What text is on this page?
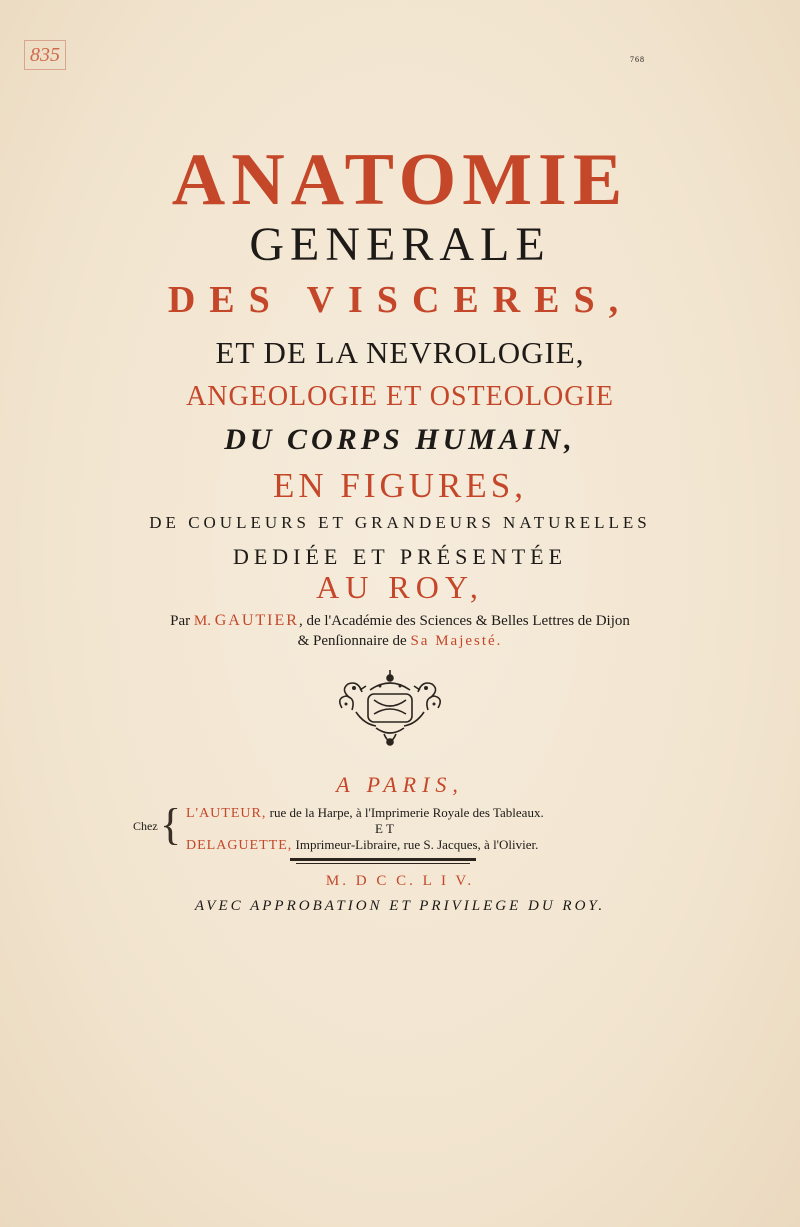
835	768
ANATOMIE
GENERALE
DES VISCERES,
ET DE LA NEVROLOGIE,
ANGEOLOGIE ET OSTEOLOGIE
DU CORPS HUMAIN,
EN FIGURES,
DE COULEURS ET GRANDEURS NATURELLES
DEDIÉE ET PRÉSENTÉE
AU ROY,
Par M. GAUTIER, de l'Académie des Sciences & Belles Lettres de Dijon
& Penſionnaire de Sa Majesté.
A PARIS,
Chez { L'AUTEUR, rue de la Harpe, à l'Imprimerie Royale des Tableaux.
E T
DELAGUETTE, Imprimeur-Libraire, rue S. Jacques, à l'Olivier.
M. D C C. L I V.
AVEC APPROBATION ET PRIVILEGE DU ROY.
